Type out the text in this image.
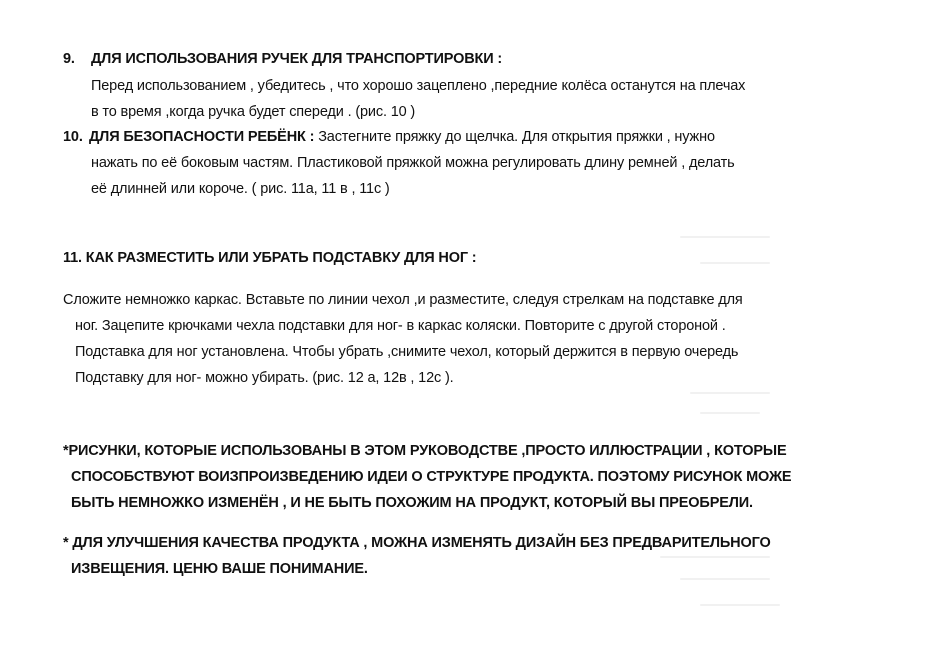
9. ДЛЯ ИСПОЛЬЗОВАНИЯ РУЧЕК ДЛЯ ТРАНСПОРТИРОВКИ :
Перед использованием , убедитесь , что хорошо зацеплено ,передние колёса останутся на плечах
в то время ,когда ручка будет спереди . (рис. 10 )
10. ДЛЯ БЕЗОПАСНОСТИ РЕБЁНК : Застегните пряжку до щелчка. Для открытия пряжки , нужно
нажать по её боковым частям. Пластиковой пряжкой можна регулировать длину ремней , делать
её длинней или короче. ( рис. 11а, 11 в , 11с )
11. КАК РАЗМЕСТИТЬ ИЛИ УБРАТЬ ПОДСТАВКУ ДЛЯ НОГ :
Сложите немножко каркас. Вставьте по линии чехол ,и разместите, следуя стрелкам на подставке для
ног. Зацепите крючками чехла подставки для ног- в каркас коляски. Повторите с другой стороной .
Подставка для ног установлена. Чтобы убрать ,снимите чехол, который держится в первую очередь
Подставку для ног- можно убирать. (рис. 12 а, 12в , 12с ).
*РИСУНКИ, КОТОРЫЕ ИСПОЛЬЗОВАНЫ В ЭТОМ РУКОВОДСТВЕ ,ПРОСТО ИЛЛЮСТРАЦИИ , КОТОРЫЕ
СПОСОБСТВУЮТ ВОИЗПРОИЗВЕДЕНИЮ ИДЕИ О СТРУКТУРЕ ПРОДУКТА. ПОЭТОМУ РИСУНОК МОЖЕ
БЫТЬ НЕМНОЖКО ИЗМЕНЁН , И НЕ БЫТЬ ПОХОЖИМ НА ПРОДУКТ, КОТОРЫЙ ВЫ ПРЕОБРЕЛИ.
* ДЛЯ УЛУЧШЕНИЯ КАЧЕСТВА ПРОДУКТА , МОЖНА ИЗМЕНЯТЬ ДИЗАЙН БЕЗ ПРЕДВАРИТЕЛЬНОГО
ИЗВЕЩЕНИЯ. ЦЕНЮ ВАШЕ ПОНИМАНИЕ.
